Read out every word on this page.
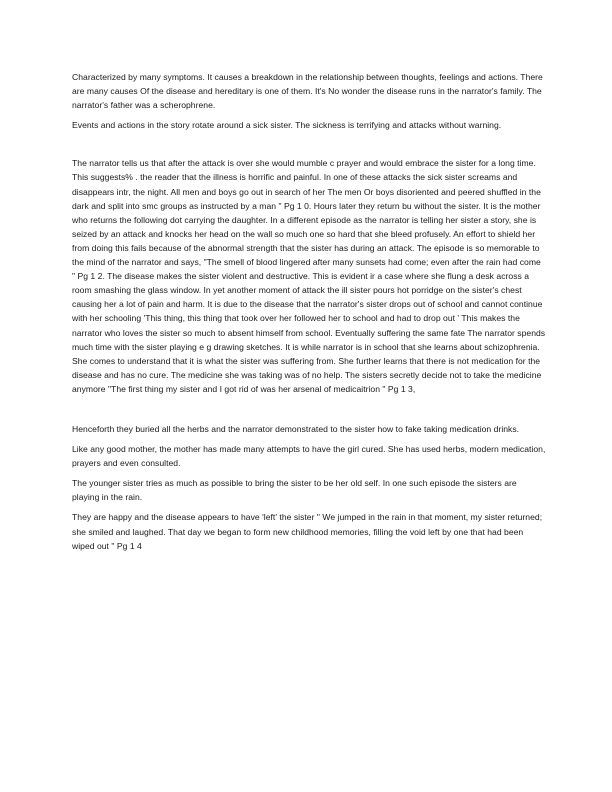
Characterized by many symptoms. It causes a breakdown in the relationship between thoughts, feelings and actions. There are many causes Of the disease and hereditary is one of them. It's No wonder the disease runs in the narrator's family. The narrator's father was a scherophrene.

Events and actions in the story rotate around a sick sister. The sickness is terrifying and attacks without warning.

The narrator tells us that after the attack is over she would mumble c prayer and would embrace the sister for a long time. This suggests% . the reader that the illness is horrific and painful. In one of these attacks the sick sister screams and disappears intr, the night. All men and boys go out in search of her The men Or boys disoriented and peered shuffled in the dark and split into smc groups as instructed by a man " Pg 1 0. Hours later they return bu without the sister. It is the mother who returns the following dot carrying the daughter. In a different episode as the narrator is telling her sister a story, she is seized by an attack and knocks her head on the wall so much one so hard that she bleed profusely. An effort to shield her from doing this fails because of the abnormal strength that the sister has during an attack. The episode is so memorable to the mind of the narrator and says, "The smell of blood lingered after many sunsets had come; even after the rain had come " Pg 1 2. The disease makes the sister violent and destructive. This is evident ir a case where she flung a desk across a room smashing the glass window. In yet another moment of attack the ill sister pours hot porridge on the sister's chest causing her a lot of pain and harm. It is due to the disease that the narrator's sister drops out of school and cannot continue with her schooling 'This thing, this thing that took over her followed her to school and had to drop out ' This makes the narrator who loves the sister so much to absent himself from school. Eventually suffering the same fate The narrator spends much time with the sister playing e g drawing sketches. It is while narrator is in school that she learns about schizophrenia. She comes to understand that it is what the sister was suffering from. She further learns that there is not medication for the disease and has no cure. The medicine she was taking was of no help. The sisters secretly decide not to take the medicine anymore "The first thing my sister and I got rid of was her arsenal of medicaitrion " Pg 1 3,

Henceforth they buried all the herbs and the narrator demonstrated to the sister how to fake taking medication drinks.

Like any good mother, the mother has made many attempts to have the girl cured. She has used herbs, modern medication, prayers and even consulted.

The younger sister tries as much as possible to bring the sister to be her old self. In one such episode the sisters are playing in the rain.

They are happy and the disease appears to have 'left' the sister " We jumped in the rain in that moment, my sister returned; she smiled and laughed. That day we began to form new childhood memories, filling the void left by one that had been wiped out " Pg 1 4
